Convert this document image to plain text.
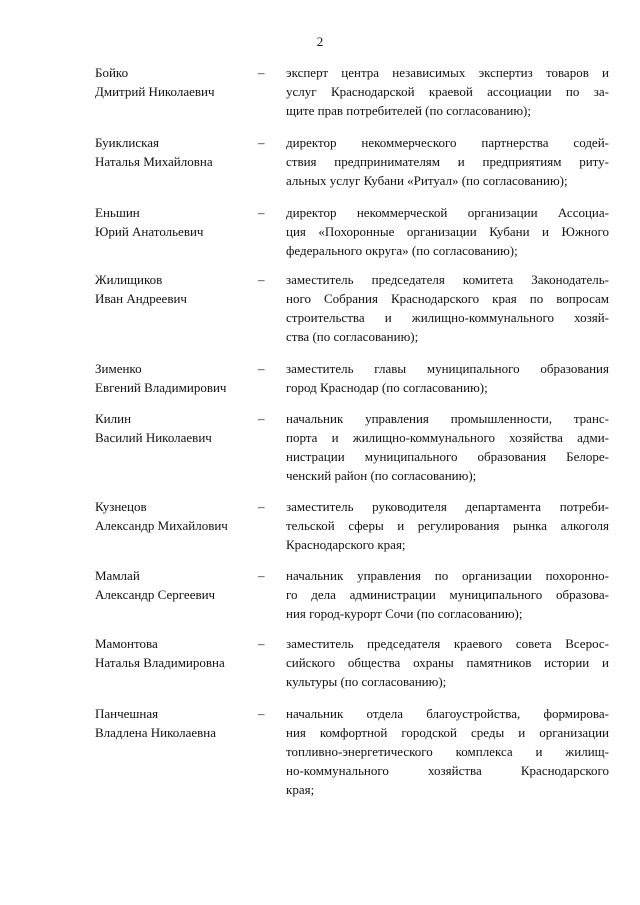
2
Бойко
Дмитрий Николаевич
–	эксперт центра независимых экспертиз товаров и
услуг Краснодарской краевой ассоциации по за-
щите прав потребителей (по согласованию);
Буиклиская
Наталья Михайловна
–	директор некоммерческого партнерства содей-
ствия предпринимателям и предприятиям риту-
альных услуг Кубани «Ритуал» (по согласованию);
Еньшин
Юрий Анатольевич
–	директор некоммерческой организации Ассоциа-
ция «Похоронные организации Кубани и Южного
федерального округа» (по согласованию);
Жилищиков
Иван Андреевич
–	заместитель председателя комитета Законодатель-
ного Собрания Краснодарского края по вопросам
строительства и жилищно-коммунального хозяй-
ства (по согласованию);
Зименко
Евгений Владимирович
–	заместитель главы муниципального образования
город Краснодар (по согласованию);
Килин
Василий Николаевич
–	начальник управления промышленности, транс-
порта и жилищно-коммунального хозяйства адми-
нистрации муниципального образования Белоре-
ченский район (по согласованию);
Кузнецов
Александр Михайлович
–	заместитель руководителя департамента потреби-
тельской сферы и регулирования рынка алкоголя
Краснодарского края;
Мамлай
Александр Сергеевич
–	начальник управления по организации похоронно-
го дела администрации муниципального образова-
ния город-курорт Сочи (по согласованию);
Мамонтова
Наталья Владимировна
–	заместитель председателя краевого совета Всерос-
сийского общества охраны памятников истории и
культуры (по согласованию);
Панчешная
Владлена Николаевна
–	начальник отдела благоустройства, формирова-
ния комфортной городской среды и организации
топливно-энергетического комплекса и жилищ-
но-коммунального хозяйства Краснодарского
края;
